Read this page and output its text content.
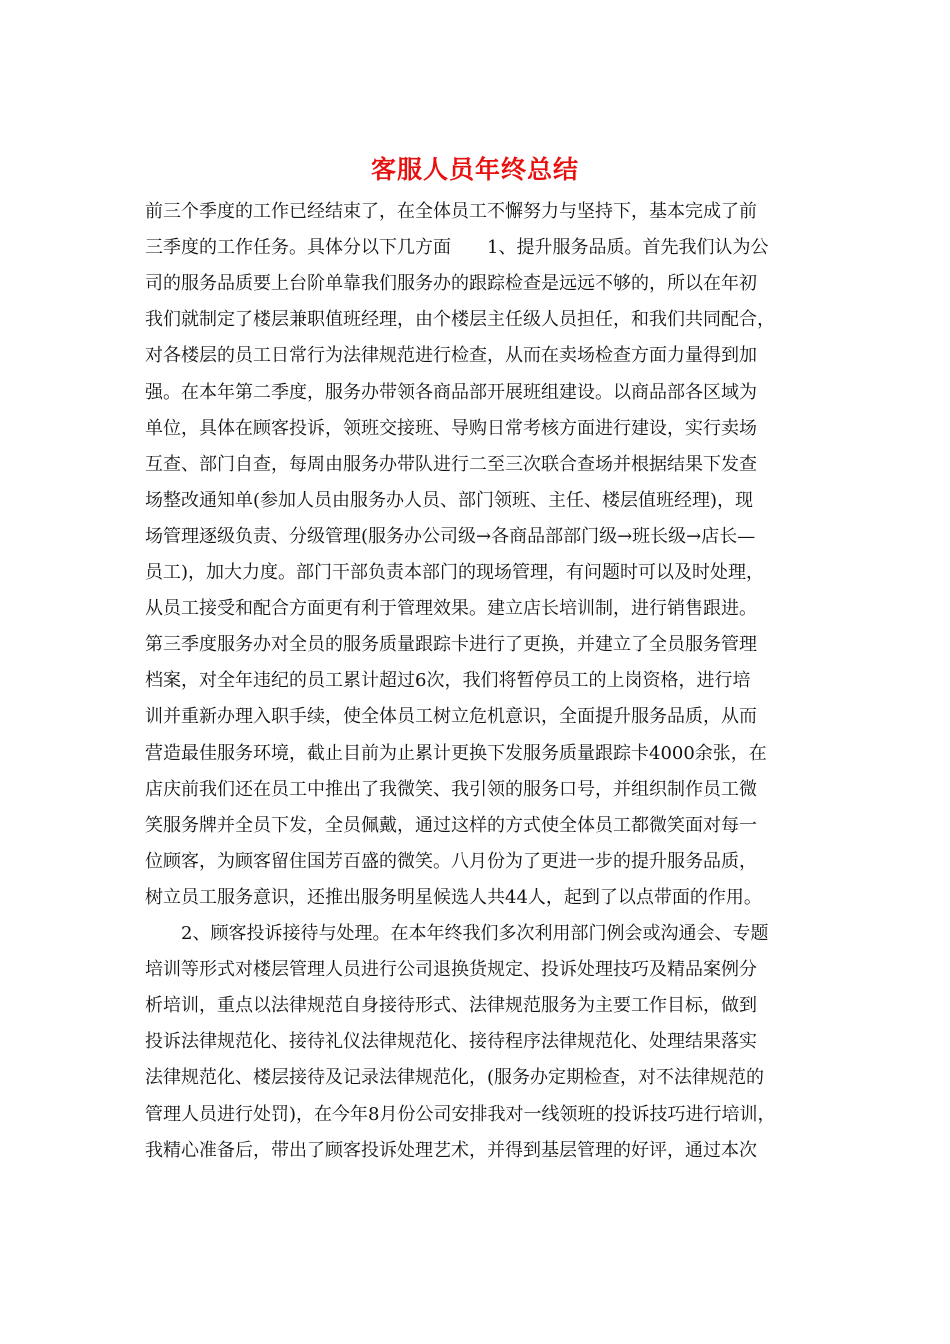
客服人员年终总结
前三个季度的工作已经结束了，在全体员工不懈努力与坚持下，基本完成了前
三季度的工作任务。具体分以下几方面　　1、提升服务品质。首先我们认为公
司的服务品质要上台阶单靠我们服务办的跟踪检查是远远不够的，所以在年初
我们就制定了楼层兼职值班经理，由个楼层主任级人员担任，和我们共同配合，
对各楼层的员工日常行为法律规范进行检查，从而在卖场检查方面力量得到加
强。在本年第二季度，服务办带领各商品部开展班组建设。以商品部各区域为
单位，具体在顾客投诉，领班交接班、导购日常考核方面进行建设，实行卖场
互查、部门自查，每周由服务办带队进行二至三次联合查场并根据结果下发查
场整改通知单(参加人员由服务办人员、部门领班、主任、楼层值班经理)，现
场管理逐级负责、分级管理(服务办公司级→各商品部部门级→班长级→店长—
员工)，加大力度。部门干部负责本部门的现场管理，有问题时可以及时处理，
从员工接受和配合方面更有利于管理效果。建立店长培训制，进行销售跟进。
第三季度服务办对全员的服务质量跟踪卡进行了更换，并建立了全员服务管理
档案，对全年违纪的员工累计超过6次，我们将暂停员工的上岗资格，进行培
训并重新办理入职手续，使全体员工树立危机意识，全面提升服务品质，从而
营造最佳服务环境，截止目前为止累计更换下发服务质量跟踪卡4000余张，在
店庆前我们还在员工中推出了我微笑、我引领的服务口号，并组织制作员工微
笑服务牌并全员下发，全员佩戴，通过这样的方式使全体员工都微笑面对每一
位顾客，为顾客留住国芳百盛的微笑。八月份为了更进一步的提升服务品质，
树立员工服务意识，还推出服务明星候选人共44人，起到了以点带面的作用。
　　2、顾客投诉接待与处理。在本年终我们多次利用部门例会或沟通会、专题
培训等形式对楼层管理人员进行公司退换货规定、投诉处理技巧及精品案例分
析培训，重点以法律规范自身接待形式、法律规范服务为主要工作目标，做到
投诉法律规范化、接待礼仪法律规范化、接待程序法律规范化、处理结果落实
法律规范化、楼层接待及记录法律规范化，(服务办定期检查，对不法律规范的
管理人员进行处罚)，在今年8月份公司安排我对一线领班的投诉技巧进行培训，
我精心准备后，带出了顾客投诉处理艺术，并得到基层管理的好评，通过本次
